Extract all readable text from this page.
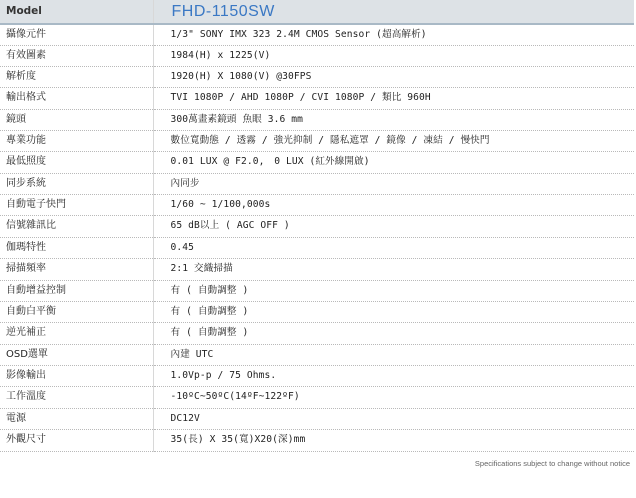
Model	FHD-1150SW
攝像元件	1/3" SONY IMX 323 2.4M CMOS Sensor (超高解析)
有效圖素	1984(H) x 1225(V)
解析度	1920(H) X 1080(V) @30FPS
輸出格式	TVI 1080P / AHD 1080P / CVI 1080P / 類比 960H
鏡頭	300萬畫素鏡頭 魚眼 3.6 mm
專業功能	數位寬動態 / 透霧 / 強光抑制 / 隱私遮罩 / 鏡像 / 凍結 / 慢快門
最低照度	0.01 LUX @ F2.0,　0 LUX (紅外線開啟)
同步系統	內同步
自動電子快門	1/60 ~ 1/100,000s
信號雜訊比	65 dB以上 ( AGC OFF )
伽瑪特性	0.45
掃描頻率	2:1 交織掃描
自動增益控制	有 ( 自動調整 )
自動白平衡	有 ( 自動調整 )
逆光補正	有 ( 自動調整 )
OSD選單	內建 UTC
影像輸出	1.0Vp-p / 75 Ohms.
工作溫度	-10ºC~50ºC(14ºF~122ºF)
電源	DC12V
外觀尺寸	35(長) X 35(寬)X20(深)mm
Specifications subject to change without notice
